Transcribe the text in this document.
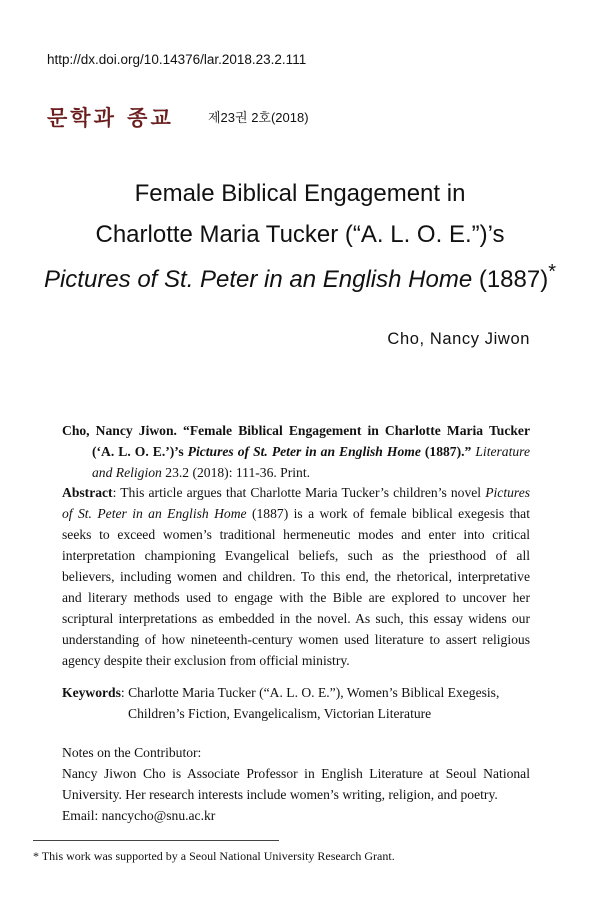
http://dx.doi.org/10.14376/lar.2018.23.2.111
문학과 종교	제23권 2호(2018)
Female Biblical Engagement in
Charlotte Maria Tucker (“A. L. O. E.”)’s
Pictures of St. Peter in an English Home (1887)*
Cho, Nancy Jiwon

Cho, Nancy Jiwon. “Female Biblical Engagement in Charlotte Maria Tucker (‘A. L. O. E.’)’s Pictures of St. Peter in an English Home (1887).” Literature and Religion 23.2 (2018): 111-36. Print.

Abstract: This article argues that Charlotte Maria Tucker’s children’s novel Pictures of St. Peter in an English Home (1887) is a work of female biblical exegesis that seeks to exceed women’s traditional hermeneutic modes and enter into critical interpretation championing Evangelical beliefs, such as the priesthood of all believers, including women and children. To this end, the rhetorical, interpretative and literary methods used to engage with the Bible are explored to uncover her scriptural interpretations as embedded in the novel. As such, this essay widens our understanding of how nineteenth-century women used literature to assert religious agency despite their exclusion from official ministry.

Keywords: Charlotte Maria Tucker (“A. L. O. E.”), Women’s Biblical Exegesis, Children’s Fiction, Evangelicalism, Victorian Literature

Notes on the Contributor:

Nancy Jiwon Cho is Associate Professor in English Literature at Seoul National University. Her research interests include women’s writing, religion, and poetry.

Email: nancycho@snu.ac.kr

* This work was supported by a Seoul National University Research Grant.
